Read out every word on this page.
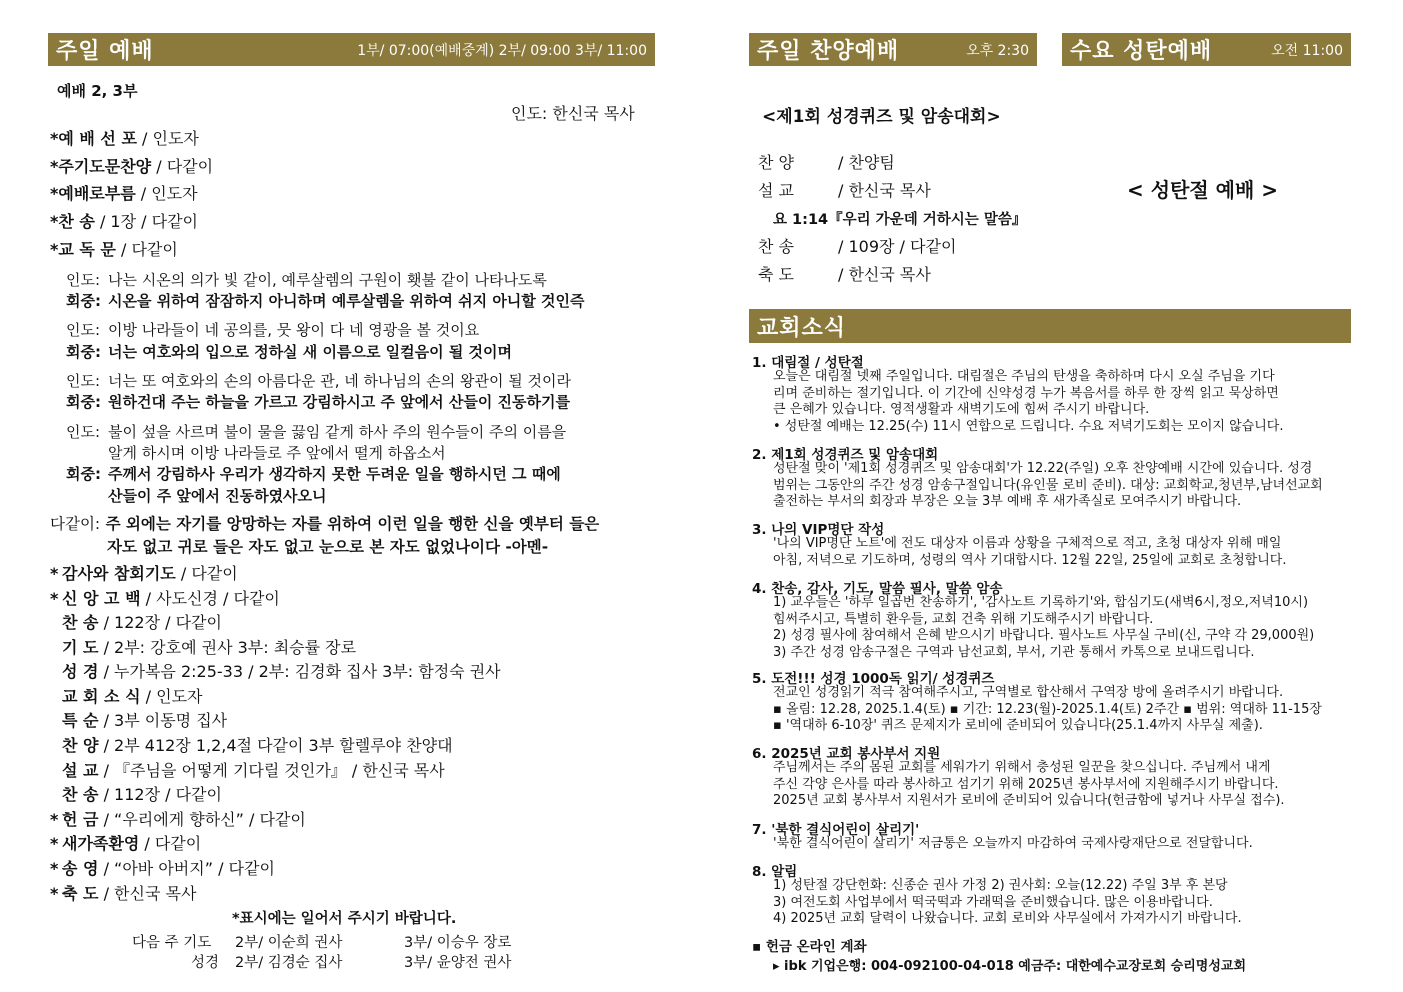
주일 예배	1부/ 07:00(예배중계) 2부/ 09:00 3부/ 11:00
예배 2, 3부
인도: 한신국 목사
*예 배 선 포 / 인도자
*주기도문찬양 / 다같이
*예배로부름 / 인도자
*찬 송 / 1장 / 다같이
*교 독 문 / 다같이
인도: 나는 시온의 의가 빛 같이, 예루살렘의 구원이 횃불 같이 나타나도록
회중: 시온을 위하여 잠잠하지 아니하며 예루살렘을 위하여 쉬지 아니할 것인즉
인도: 이방 나라들이 네 공의를, 뭇 왕이 다 네 영광을 볼 것이요
회중: 너는 여호와의 입으로 정하실 새 이름으로 일컬음이 될 것이며
인도: 너는 또 여호와의 손의 아름다운 관, 네 하나님의 손의 왕관이 될 것이라
회중: 원하건대 주는 하늘을 가르고 강림하시고 주 앞에서 산들이 진동하기를
인도: 불이 섶을 사르며 불이 물을 끓임 같게 하사 주의 원수들이 주의 이름을
알게 하시며 이방 나라들로 주 앞에서 떨게 하옵소서
회중: 주께서 강림하사 우리가 생각하지 못한 두려운 일을 행하시던 그 때에
산들이 주 앞에서 진동하였사오니
다같이: 주 외에는 자기를 앙망하는 자를 위하여 이런 일을 행한 신을 옛부터 들은
자도 없고 귀로 들은 자도 없고 눈으로 본 자도 없었나이다 -아멘-
* 감사와 참회기도 / 다같이
* 신 앙 고 백 / 사도신경 / 다같이
찬 송 / 122장 / 다같이
기 도 / 2부: 강호예 권사 3부: 최승률 장로
성 경 / 누가복음 2:25-33 / 2부: 김경화 집사 3부: 함정숙 권사
교 회 소 식 / 인도자
특 순 / 3부 이동명 집사
찬 양 / 2부 412장 1,2,4절 다같이 3부 할렐루야 찬양대
설 교 / 『주님을 어떻게 기다릴 것인가』 / 한신국 목사
찬 송 / 112장 / 다같이
* 헌 금 / “우리에게 향하신” / 다같이
* 새가족환영 / 다같이
* 송 영 / “아바 아버지” / 다같이
* 축 도 / 한신국 목사
*표시에는 일어서 주시기 바랍니다.
다음 주 기도 2부/ 이순희 권사	3부/ 이승우 장로
성경 2부/ 김경순 집사	3부/ 윤양전 권사
주일 찬양예배	오후 2:30 수요 성탄예배	오전 11:00
<제1회 성경퀴즈 및 암송대회>
찬 양	/ 찬양팀
설 교	/ 한신국 목사
요 1:14『우리 가운데 거하시는 말씀』
찬 송	/ 109장 / 다같이
축 도	/ 한신국 목사
< 성탄절 예배 >
교회소식
1. 대림절 / 성탄절
오늘은 대림절 넷째 주일입니다. 대림절은 주님의 탄생을 축하하며 다시 오실 주님을 기다
리며 준비하는 절기입니다. 이 기간에 신약성경 누가 복음서를 하루 한 장씩 읽고 묵상하면
큰 은혜가 있습니다. 영적생활과 새벽기도에 힘써 주시기 바랍니다.
• 성탄절 예배는 12.25(수) 11시 연합으로 드립니다. 수요 저녁기도회는 모이지 않습니다.
2. 제1회 성경퀴즈 및 암송대회
성탄절 맞이 '제1회 성경퀴즈 및 암송대회'가 12.22(주일) 오후 찬양예배 시간에 있습니다. 성경
범위는 그동안의 주간 성경 암송구절입니다(유인물 로비 준비). 대상: 교회학교,청년부,남녀선교회
출전하는 부서의 회장과 부장은 오늘 3부 예배 후 새가족실로 모여주시기 바랍니다.
3. 나의 VIP명단 작성
'나의 VIP명단 노트'에 전도 대상자 이름과 상황을 구체적으로 적고, 초청 대상자 위해 매일
아침, 저녁으로 기도하며, 성령의 역사 기대합시다. 12월 22일, 25일에 교회로 초청합니다.
4. 찬송, 감사, 기도, 말씀 필사, 말씀 암송
1) 교우들은 '하루 일곱번 찬송하기', '감사노트 기록하기'와, 합심기도(새벽6시,정오,저녁10시)
힘써주시고, 특별히 환우들, 교회 건축 위해 기도해주시기 바랍니다.
2) 성경 필사에 참여해서 은혜 받으시기 바랍니다. 필사노트 사무실 구비(신, 구약 각 29,000원)
3) 주간 성경 암송구절은 구역과 남선교회, 부서, 기관 통해서 카톡으로 보내드립니다.
5. 도전!!! 성경 1000독 읽기/ 성경퀴즈
전교인 성경읽기 적극 참여해주시고, 구역별로 합산해서 구역장 방에 올려주시기 바랍니다.
▪ 올림: 12.28, 2025.1.4(토) ▪ 기간: 12.23(월)-2025.1.4(토) 2주간 ▪ 범위: 역대하 11-15장
▪ '역대하 6-10장' 퀴즈 문제지가 로비에 준비되어 있습니다(25.1.4까지 사무실 제출).
6. 2025년 교회 봉사부서 지원
주님께서는 주의 몸된 교회를 세워가기 위해서 충성된 일꾼을 찾으십니다. 주님께서 내게
주신 각양 은사를 따라 봉사하고 섬기기 위해 2025년 봉사부서에 지원해주시기 바랍니다.
2025년 교회 봉사부서 지원서가 로비에 준비되어 있습니다(헌금함에 넣거나 사무실 접수).
7. '북한 결식어린이 살리기'
'북한 결식어린이 살리기' 저금통은 오늘까지 마감하여 국제사랑재단으로 전달합니다.
8. 알림
1) 성탄절 강단헌화: 신종순 권사 가정 2) 권사회: 오늘(12.22) 주일 3부 후 본당
3) 여전도회 사업부에서 떡국떡과 가래떡을 준비했습니다. 많은 이용바랍니다.
4) 2025년 교회 달력이 나왔습니다. 교회 로비와 사무실에서 가져가시기 바랍니다.
▪ 헌금 온라인 계좌
▸ ibk 기업은행: 004-092100-04-018 예금주: 대한예수교장로회 승리명성교회
